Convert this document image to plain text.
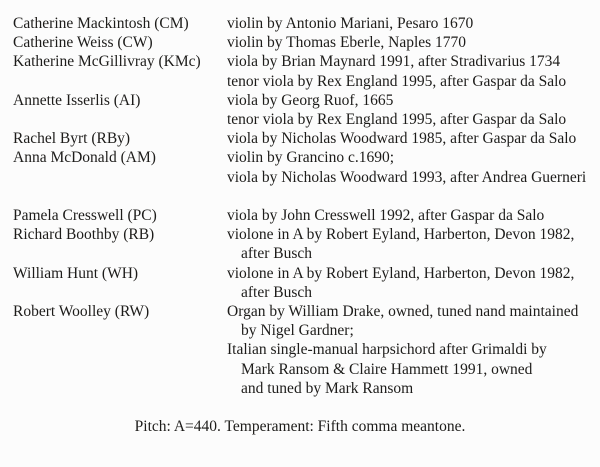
Catherine Mackintosh (CM)	violin by Antonio Mariani, Pesaro 1670
Catherine Weiss (CW)	violin by Thomas Eberle, Naples 1770
Katherine McGillivray (KMc)	viola by Brian Maynard 1991, after Stradivarius 1734
tenor viola by Rex England 1995, after Gaspar da Salo
Annette Isserlis (AI)	viola by Georg Ruof, 1665
tenor viola by Rex England 1995, after Gaspar da Salo
Rachel Byrt (RBy)	viola by Nicholas Woodward 1985, after Gaspar da Salo
Anna McDonald (AM)	violin by Grancino c.1690;
viola by Nicholas Woodward 1993, after Andrea Guerneri
Pamela Cresswell (PC)	viola by John Cresswell 1992, after Gaspar da Salo
Richard Boothby (RB)	violone in A by Robert Eyland, Harberton, Devon 1982,
after Busch
William Hunt (WH)	violone in A by Robert Eyland, Harberton, Devon 1982,
after Busch
Robert Woolley (RW)	Organ by William Drake, owned, tuned nand maintained
by Nigel Gardner;
Italian single-manual harpsichord after Grimaldi by
Mark Ransom & Claire Hammett 1991, owned
and tuned by Mark Ransom
Pitch: A=440. Temperament: Fifth comma meantone.
